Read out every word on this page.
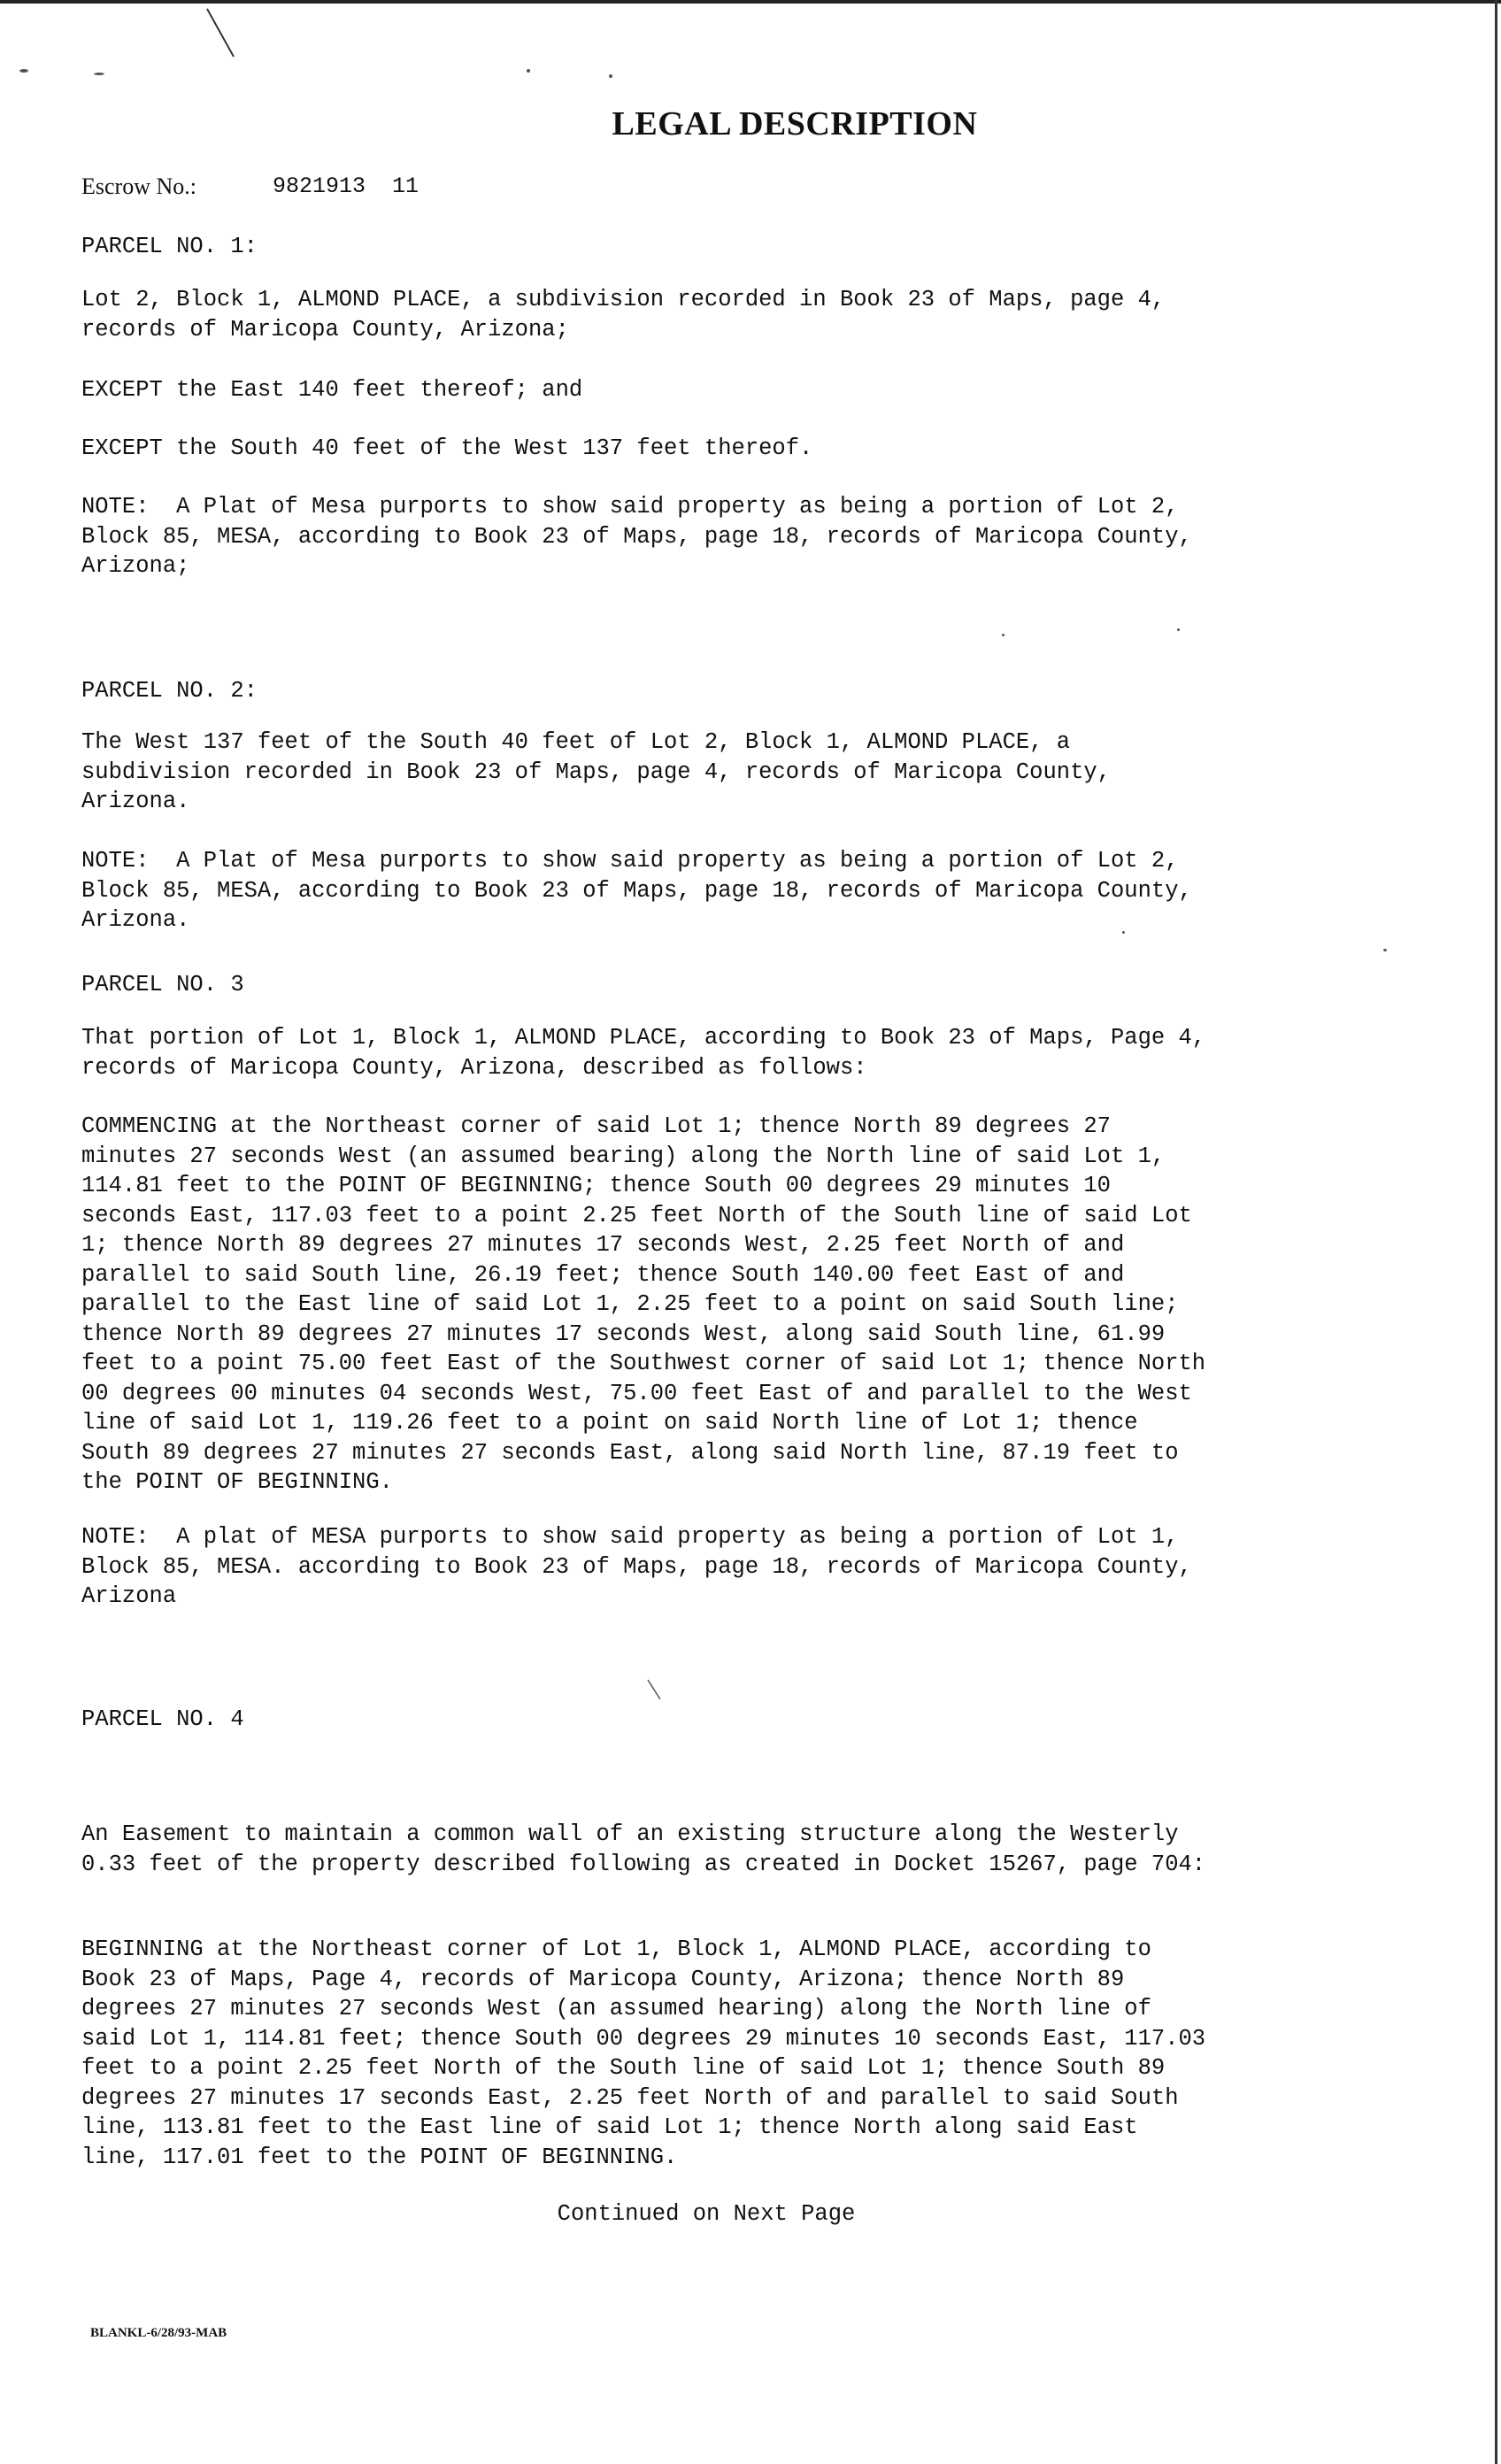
LEGAL DESCRIPTION
Escrow No.:	9821913  11

PARCEL NO. 1:

Lot 2, Block 1, ALMOND PLACE, a subdivision recorded in Book 23 of Maps, page 4,
records of Maricopa County, Arizona;

EXCEPT the East 140 feet thereof; and

EXCEPT the South 40 feet of the West 137 feet thereof.

NOTE:  A Plat of Mesa purports to show said property as being a portion of Lot 2,
Block 85, MESA, according to Book 23 of Maps, page 18, records of Maricopa County,
Arizona;

PARCEL NO. 2:

The West 137 feet of the South 40 feet of Lot 2, Block 1, ALMOND PLACE, a
subdivision recorded in Book 23 of Maps, page 4, records of Maricopa County,
Arizona.

NOTE:  A Plat of Mesa purports to show said property as being a portion of Lot 2,
Block 85, MESA, according to Book 23 of Maps, page 18, records of Maricopa County,
Arizona.

PARCEL NO. 3

That portion of Lot 1, Block 1, ALMOND PLACE, according to Book 23 of Maps, Page 4,
records of Maricopa County, Arizona, described as follows:

COMMENCING at the Northeast corner of said Lot 1; thence North 89 degrees 27
minutes 27 seconds West (an assumed bearing) along the North line of said Lot 1,
114.81 feet to the POINT OF BEGINNING; thence South 00 degrees 29 minutes 10
seconds East, 117.03 feet to a point 2.25 feet North of the South line of said Lot
1; thence North 89 degrees 27 minutes 17 seconds West, 2.25 feet North of and
parallel to said South line, 26.19 feet; thence South 140.00 feet East of and
parallel to the East line of said Lot 1, 2.25 feet to a point on said South line;
thence North 89 degrees 27 minutes 17 seconds West, along said South line, 61.99
feet to a point 75.00 feet East of the Southwest corner of said Lot 1; thence North
00 degrees 00 minutes 04 seconds West, 75.00 feet East of and parallel to the West
line of said Lot 1, 119.26 feet to a point on said North line of Lot 1; thence
South 89 degrees 27 minutes 27 seconds East, along said North line, 87.19 feet to
the POINT OF BEGINNING.

NOTE:  A plat of MESA purports to show said property as being a portion of Lot 1,
Block 85, MESA. according to Book 23 of Maps, page 18, records of Maricopa County,
Arizona

PARCEL NO. 4

An Easement to maintain a common wall of an existing structure along the Westerly
0.33 feet of the property described following as created in Docket 15267, page 704:

BEGINNING at the Northeast corner of Lot 1, Block 1, ALMOND PLACE, according to
Book 23 of Maps, Page 4, records of Maricopa County, Arizona; thence North 89
degrees 27 minutes 27 seconds West (an assumed hearing) along the North line of
said Lot 1, 114.81 feet; thence South 00 degrees 29 minutes 10 seconds East, 117.03
feet to a point 2.25 feet North of the South line of said Lot 1; thence South 89
degrees 27 minutes 17 seconds East, 2.25 feet North of and parallel to said South
line, 113.81 feet to the East line of said Lot 1; thence North along said East
line, 117.01 feet to the POINT OF BEGINNING.

Continued on Next Page
BLANKL-6/28/93-MAB
